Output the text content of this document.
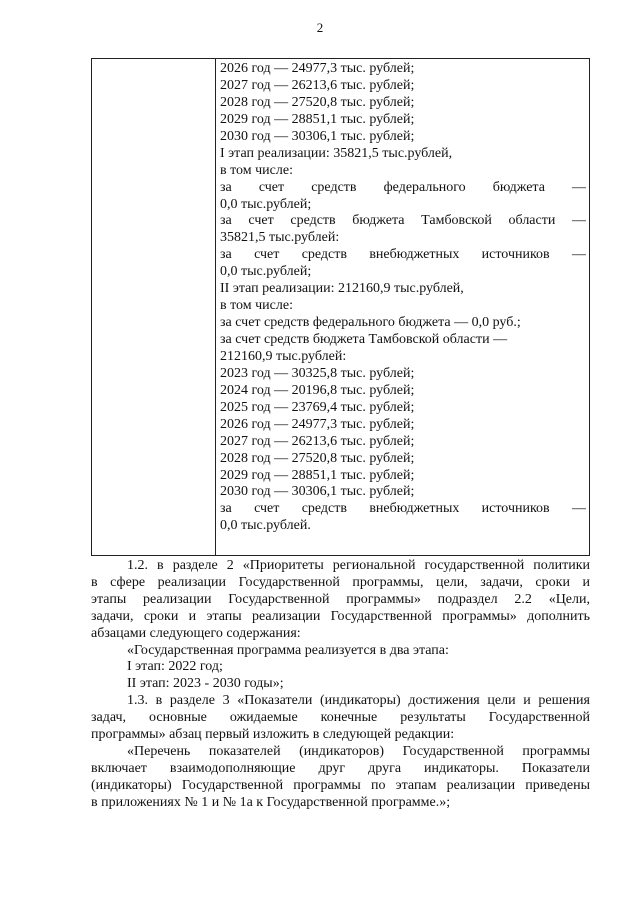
2
2026 год — 24977,3 тыс. рублей;
2027 год — 26213,6 тыс. рублей;
2028 год — 27520,8 тыс. рублей;
2029 год — 28851,1 тыс. рублей;
2030 год — 30306,1 тыс. рублей;
I этап реализации: 35821,5 тыс.рублей,
в том числе:
за счет средств федерального бюджета —
0,0 тыс.рублей;
за счет средств бюджета Тамбовской области —
35821,5 тыс.рублей:
за счет средств внебюджетных источников —
0,0 тыс.рублей;
II этап реализации: 212160,9 тыс.рублей,
в том числе:
за счет средств федерального бюджета — 0,0 руб.;
за счет средств бюджета Тамбовской области —
212160,9 тыс.рублей:
2023 год — 30325,8 тыс. рублей;
2024 год — 20196,8 тыс. рублей;
2025 год — 23769,4 тыс. рублей;
2026 год — 24977,3 тыс. рублей;
2027 год — 26213,6 тыс. рублей;
2028 год — 27520,8 тыс. рублей;
2029 год — 28851,1 тыс. рублей;
2030 год — 30306,1 тыс. рублей;
за счет средств внебюджетных источников —
0,0 тыс.рублей.

1.2. в разделе 2 «Приоритеты региональной государственной политики
в сфере реализации Государственной программы, цели, задачи, сроки и
этапы реализации Государственной программы» подраздел 2.2 «Цели,
задачи, сроки и этапы реализации Государственной программы» дополнить
абзацами следующего содержания:

«Государственная программа реализуется в два этапа:

I этап: 2022 год;

II этап: 2023 - 2030 годы»;

1.3. в разделе 3 «Показатели (индикаторы) достижения цели и решения
задач, основные ожидаемые конечные результаты Государственной
программы» абзац первый изложить в следующей редакции:

«Перечень показателей (индикаторов) Государственной программы
включает взаимодополняющие друг друга индикаторы. Показатели
(индикаторы) Государственной программы по этапам реализации приведены
в приложениях № 1 и № 1а к Государственной программе.»;
